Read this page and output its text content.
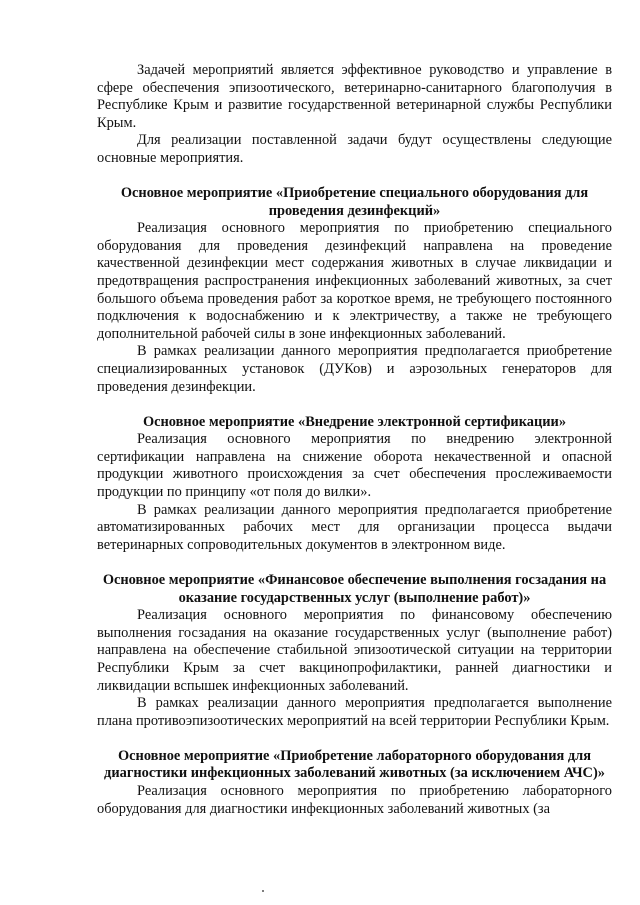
Задачей мероприятий является эффективное руководство и управление в сфере обеспечения эпизоотического, ветеринарно-санитарного благополучия в Республике Крым и развитие государственной ветеринарной службы Республики Крым.

Для реализации поставленной задачи будут осуществлены следующие основные мероприятия.

Основное мероприятие «Приобретение специального оборудования для проведения дезинфекций»

Реализация основного мероприятия по приобретению специального оборудования для проведения дезинфекций направлена на проведение качественной дезинфекции мест содержания животных в случае ликвидации и предотвращения распространения инфекционных заболеваний животных, за счет большого объема проведения работ за короткое время, не требующего постоянного подключения к водоснабжению и к электричеству, а также не требующего дополнительной рабочей силы в зоне инфекционных заболеваний.

В рамках реализации данного мероприятия предполагается приобретение специализированных установок (ДУКов) и аэрозольных генераторов для проведения дезинфекции.

Основное мероприятие «Внедрение электронной сертификации»

Реализация основного мероприятия по внедрению электронной сертификации направлена на снижение оборота некачественной и опасной продукции животного происхождения за счет обеспечения прослеживаемости продукции по принципу «от поля до вилки».

В рамках реализации данного мероприятия предполагается приобретение автоматизированных рабочих мест для организации процесса выдачи ветеринарных сопроводительных документов в электронном виде.

Основное мероприятие «Финансовое обеспечение выполнения госзадания на оказание государственных услуг (выполнение работ)»

Реализация основного мероприятия по финансовому обеспечению выполнения госзадания на оказание государственных услуг (выполнение работ) направлена на обеспечение стабильной эпизоотической ситуации на территории Республики Крым за счет вакцинопрофилактики, ранней диагностики и ликвидации вспышек инфекционных заболеваний.

В рамках реализации данного мероприятия предполагается выполнение плана противоэпизоотических мероприятий на всей территории Республики Крым.

Основное мероприятие «Приобретение лабораторного оборудования для диагностики инфекционных заболеваний животных (за исключением АЧС)»

Реализация основного мероприятия по приобретению лабораторного оборудования для диагностики инфекционных заболеваний животных (за
